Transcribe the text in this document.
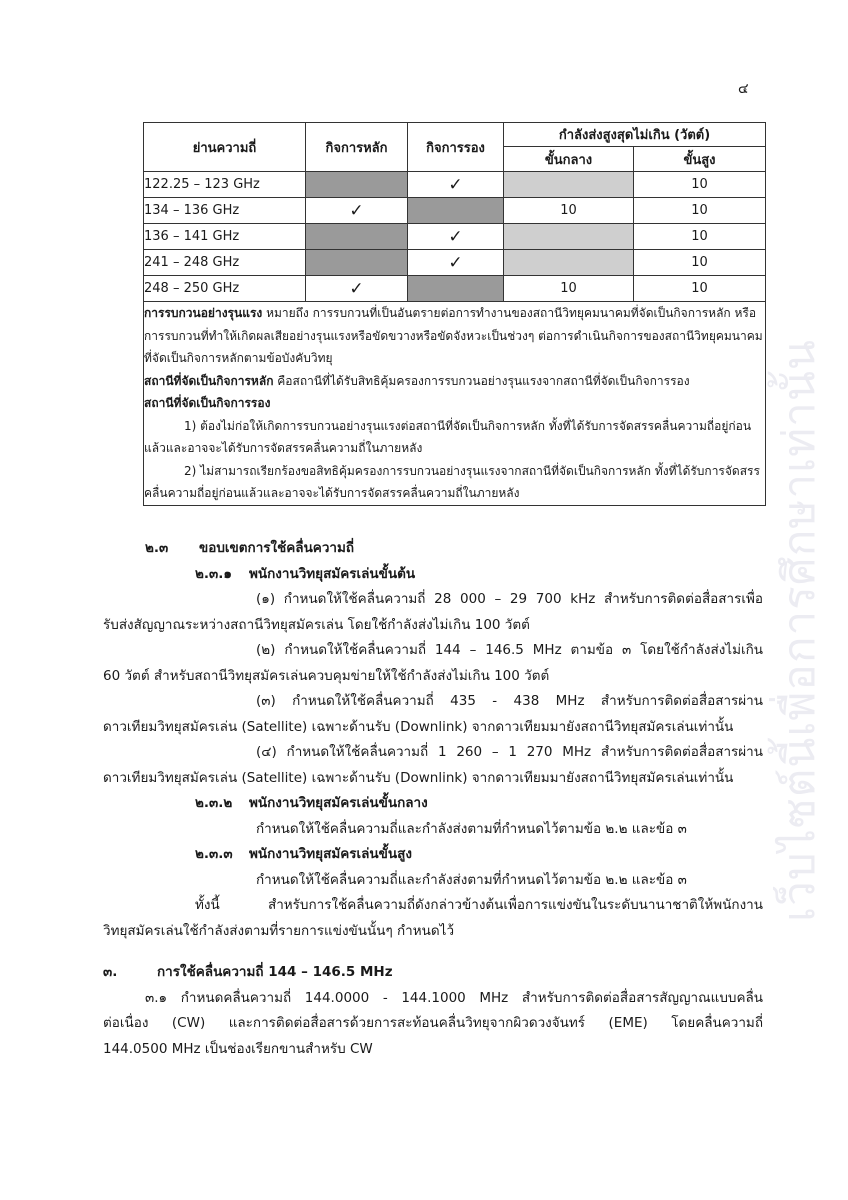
๔
ย่านความถี่	กิจการหลัก	กิจการรอง	กำลังส่งสูงสุดไม่เกิน (วัตต์)	
			ขั้นกลาง	ขั้นสูง
122.25 – 123 GHz		✓		10
134 – 136 GHz	✓		10	10
136 – 141 GHz		✓		10
241 – 248 GHz		✓		10
248 – 250 GHz	✓		10	10

การรบกวนอย่างรุนแรง หมายถึง การรบกวนที่เป็นอันตรายต่อการทำงานของสถานีวิทยุคมนาคมที่จัดเป็นกิจการหลัก หรือการรบกวนที่ทำให้เกิดผลเสียอย่างรุนแรงหรือขัดขวางหรือขัดจังหวะเป็นช่วงๆ ต่อการดำเนินกิจการของสถานีวิทยุคมนาคมที่จัดเป็นกิจการหลักตามข้อบังคับวิทยุ

สถานีที่จัดเป็นกิจการหลัก คือสถานีที่ได้รับสิทธิคุ้มครองการรบกวนอย่างรุนแรงจากสถานีที่จัดเป็นกิจการรอง

สถานีที่จัดเป็นกิจการรอง

1) ต้องไม่ก่อให้เกิดการรบกวนอย่างรุนแรงต่อสถานีที่จัดเป็นกิจการหลัก ทั้งที่ได้รับการจัดสรรคลื่นความถี่อยู่ก่อนแล้วและอาจจะได้รับการจัดสรรคลื่นความถี่ในภายหลัง

2) ไม่สามารถเรียกร้องขอสิทธิคุ้มครองการรบกวนอย่างรุนแรงจากสถานีที่จัดเป็นกิจการหลัก ทั้งที่ได้รับการจัดสรรคลื่นความถี่อยู่ก่อนแล้วและอาจจะได้รับการจัดสรรคลื่นความถี่ในภายหลัง				

๒.๓ ขอบเขตการใช้คลื่นความถี่

๒.๓.๑ พนักงานวิทยุสมัครเล่นขั้นต้น

(๑) กำหนดให้ใช้คลื่นความถี่ 28 000 – 29 700 kHz สำหรับการติดต่อสื่อสารเพื่อ

รับส่งสัญญาณระหว่างสถานีวิทยุสมัครเล่น โดยใช้กำลังส่งไม่เกิน 100 วัตต์

(๒) กำหนดให้ใช้คลื่นความถี่ 144 – 146.5 MHz ตามข้อ ๓ โดยใช้กำลังส่งไม่เกิน

60 วัตต์ สำหรับสถานีวิทยุสมัครเล่นควบคุมข่ายให้ใช้กำลังส่งไม่เกิน 100 วัตต์

(๓) กำหนดให้ใช้คลื่นความถี่ 435 - 438 MHz สำหรับการติดต่อสื่อสารผ่าน

ดาวเทียมวิทยุสมัครเล่น (Satellite) เฉพาะด้านรับ (Downlink) จากดาวเทียมมายังสถานีวิทยุสมัครเล่นเท่านั้น

(๔) กำหนดให้ใช้คลื่นความถี่ 1 260 – 1 270 MHz สำหรับการติดต่อสื่อสารผ่าน

ดาวเทียมวิทยุสมัครเล่น (Satellite) เฉพาะด้านรับ (Downlink) จากดาวเทียมมายังสถานีวิทยุสมัครเล่นเท่านั้น

๒.๓.๒ พนักงานวิทยุสมัครเล่นขั้นกลาง

กำหนดให้ใช้คลื่นความถี่และกำลังส่งตามที่กำหนดไว้ตามข้อ ๒.๒ และข้อ ๓

๒.๓.๓ พนักงานวิทยุสมัครเล่นขั้นสูง

กำหนดให้ใช้คลื่นความถี่และกำลังส่งตามที่กำหนดไว้ตามข้อ ๒.๒ และข้อ ๓

ทั้งนี้ สำหรับการใช้คลื่นความถี่ดังกล่าวข้างต้นเพื่อการแข่งขันในระดับนานาชาติให้พนักงาน

วิทยุสมัครเล่นใช้กำลังส่งตามที่รายการแข่งขันนั้นๆ กำหนดไว้

๓.	การใช้คลื่นความถี่ 144 – 146.5 MHz

๓.๑ กำหนดคลื่นความถี่ 144.0000 - 144.1000 MHz สำหรับการติดต่อสื่อสารสัญญาณแบบคลื่น

ต่อเนื่อง (CW) และการติดต่อสื่อสารด้วยการสะท้อนคลื่นวิทยุจากผิวดวงจันทร์ (EME) โดยคลื่นความถี่

144.0500 MHz เป็นช่องเรียกขานสำหรับ CW

เว็บไซต์นี้เพื่อการศึกษาเท่านั้น
